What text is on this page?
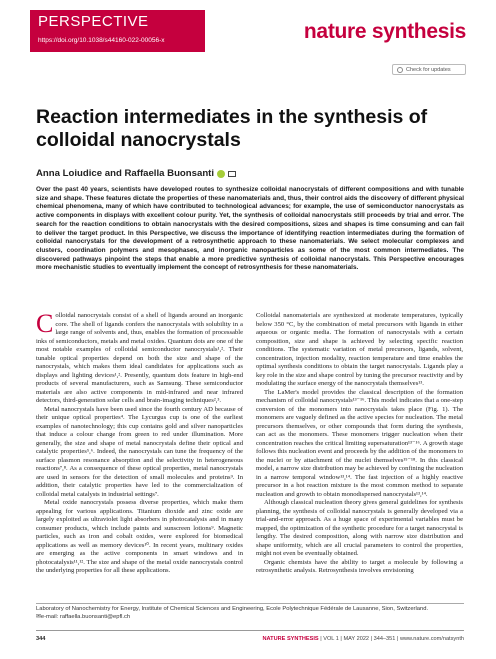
PERSPECTIVE
https://doi.org/10.1038/s44160-022-00056-x	nature synthesis
Check for updates
Reaction intermediates in the synthesis of colloidal nanocrystals
Anna Loiudice and Raffaella Buonsanti

Over the past 40 years, scientists have developed routes to synthesize colloidal nanocrystals of different compositions and with tunable size and shape. These features dictate the properties of these nanomaterials and, thus, their control aids the discovery of different physical chemical phenomena, many of which have contributed to technological advances; for example, the use of semiconductor nanocrystals as active components in displays with excellent colour purity. Yet, the synthesis of colloidal nanocrystals still proceeds by trial and error. The search for the reaction conditions to obtain nanocrystals with the desired compositions, sizes and shapes is time consuming and can fail to deliver the target product. In this Perspective, we discuss the importance of identifying reaction intermediates during the formation of colloidal nanocrystals for the development of a retrosynthetic approach to these nanomaterials. We select molecular complexes and clusters, coordination polymers and mesophases, and inorganic nanoparticles as some of the most common intermediates. The discovered pathways pinpoint the steps that enable a more predictive synthesis of colloidal nanocrystals. This Perspective encourages more mechanistic studies to eventually implement the concept of retrosynthesis for these nanomaterials.

Colloidal nanocrystals consist of a shell of ligands around an inorganic core. The shell of ligands confers the nanocrystals with solubility in a large range of solvents and, thus, enables the formation of processable inks of semiconductors, metals and metal oxides. Quantum dots are one of the most notable examples of colloidal semiconductor nanocrystals¹,². Their tunable optical properties depend on both the size and shape of the nanocrystals, which makes them ideal candidates for applications such as displays and lighting devices¹,². Presently, quantum dots feature in high-end products of several manufacturers, such as Samsung. These semiconductor materials are also active components in mid-infrared and near infrared detectors, third-generation solar cells and brain-imaging techniques²,³.

Metal nanocrystals have been used since the fourth century AD because of their unique optical properties⁴. The Lycurgus cup is one of the earliest examples of nanotechnology; this cup contains gold and silver nanoparticles that induce a colour change from green to red under illumination. More generally, the size and shape of metal nanocrystals define their optical and catalytic properties⁵,⁶. Indeed, the nanocrystals can tune the frequency of the surface plasmon resonance absorption and the selectivity in heterogeneous reactions⁷,⁸. As a consequence of these optical properties, metal nanocrystals are used in sensors for the detection of small molecules and proteins⁹. In addition, their catalytic properties have led to the commercialization of colloidal metal catalysts in industrial settings⁷.

Metal oxide nanocrystals possess diverse properties, which make them appealing for various applications. Titanium dioxide and zinc oxide are largely exploited as ultraviolet light absorbers in photocatalysis and in many consumer products, which include paints and sunscreen lotions⁹. Magnetic particles, such as iron and cobalt oxides, were explored for biomedical applications as well as memory devices¹⁰. In recent years, multinary oxides are emerging as the active components in smart windows and in photocatalysis¹¹,¹². The size and shape of the metal oxide nanocrystals control the underlying properties for all these applications.

Colloidal nanomaterials are synthesized at moderate temperatures, typically below 350 °C, by the combination of metal precursors with ligands in either aqueous or organic media. The formation of nanocrystals with a certain composition, size and shape is achieved by selecting specific reaction conditions. The systematic variation of metal precursors, ligands, solvent, concentration, injection modality, reaction temperature and time enables the optimal synthesis conditions to obtain the target nanocrystals. Ligands play a key role in the size and shape control by tuning the precursor reactivity and by modulating the surface energy of the nanocrystals themselves¹³.

The LaMer's model provides the classical description of the formation mechanism of colloidal nanocrystals¹³⁻¹⁶. This model indicates that a one-step conversion of the monomers into nanocrystals takes place (Fig. 1). The monomers are vaguely defined as the active species for nucleation. The metal precursors themselves, or other compounds that form during the synthesis, can act as the monomers. These monomers trigger nucleation when their concentration reaches the critical limiting supersaturation¹³⁻¹⁶. A growth stage follows this nucleation event and proceeds by the addition of the monomers to the nuclei or by attachment of the nuclei themselves¹⁵⁻¹⁸. In this classical model, a narrow size distribution may be achieved by confining the nucleation in a narrow temporal window¹³,¹⁴. The fast injection of a highly reactive precursor in a hot reaction mixture is the most common method to separate nucleation and growth to obtain monodispersed nanocrystals¹³,¹⁴.

Although classical nucleation theory gives general guidelines for synthesis planning, the synthesis of colloidal nanocrystals is generally developed via a trial-and-error approach. As a huge space of experimental variables must be mapped, the optimization of the synthetic procedure for a target nanocrystal is lengthy. The desired composition, along with narrow size distribution and shape uniformity, which are all crucial parameters to control the properties, might not even be eventually obtained.

Organic chemists have the ability to target a molecule by following a retrosynthetic analysis. Retrosynthesis involves envisioning

Laboratory of Nanochemistry for Energy, Institute of Chemical Sciences and Engineering, Ecole Polytechnique Fédérale de Lausanne, Sion, Switzerland.
✉e-mail: raffaella.buonsanti@epfl.ch
344	NATURE SYNTHESIS | VOL 1 | MAY 2022 | 344–351 | www.nature.com/natsynth
